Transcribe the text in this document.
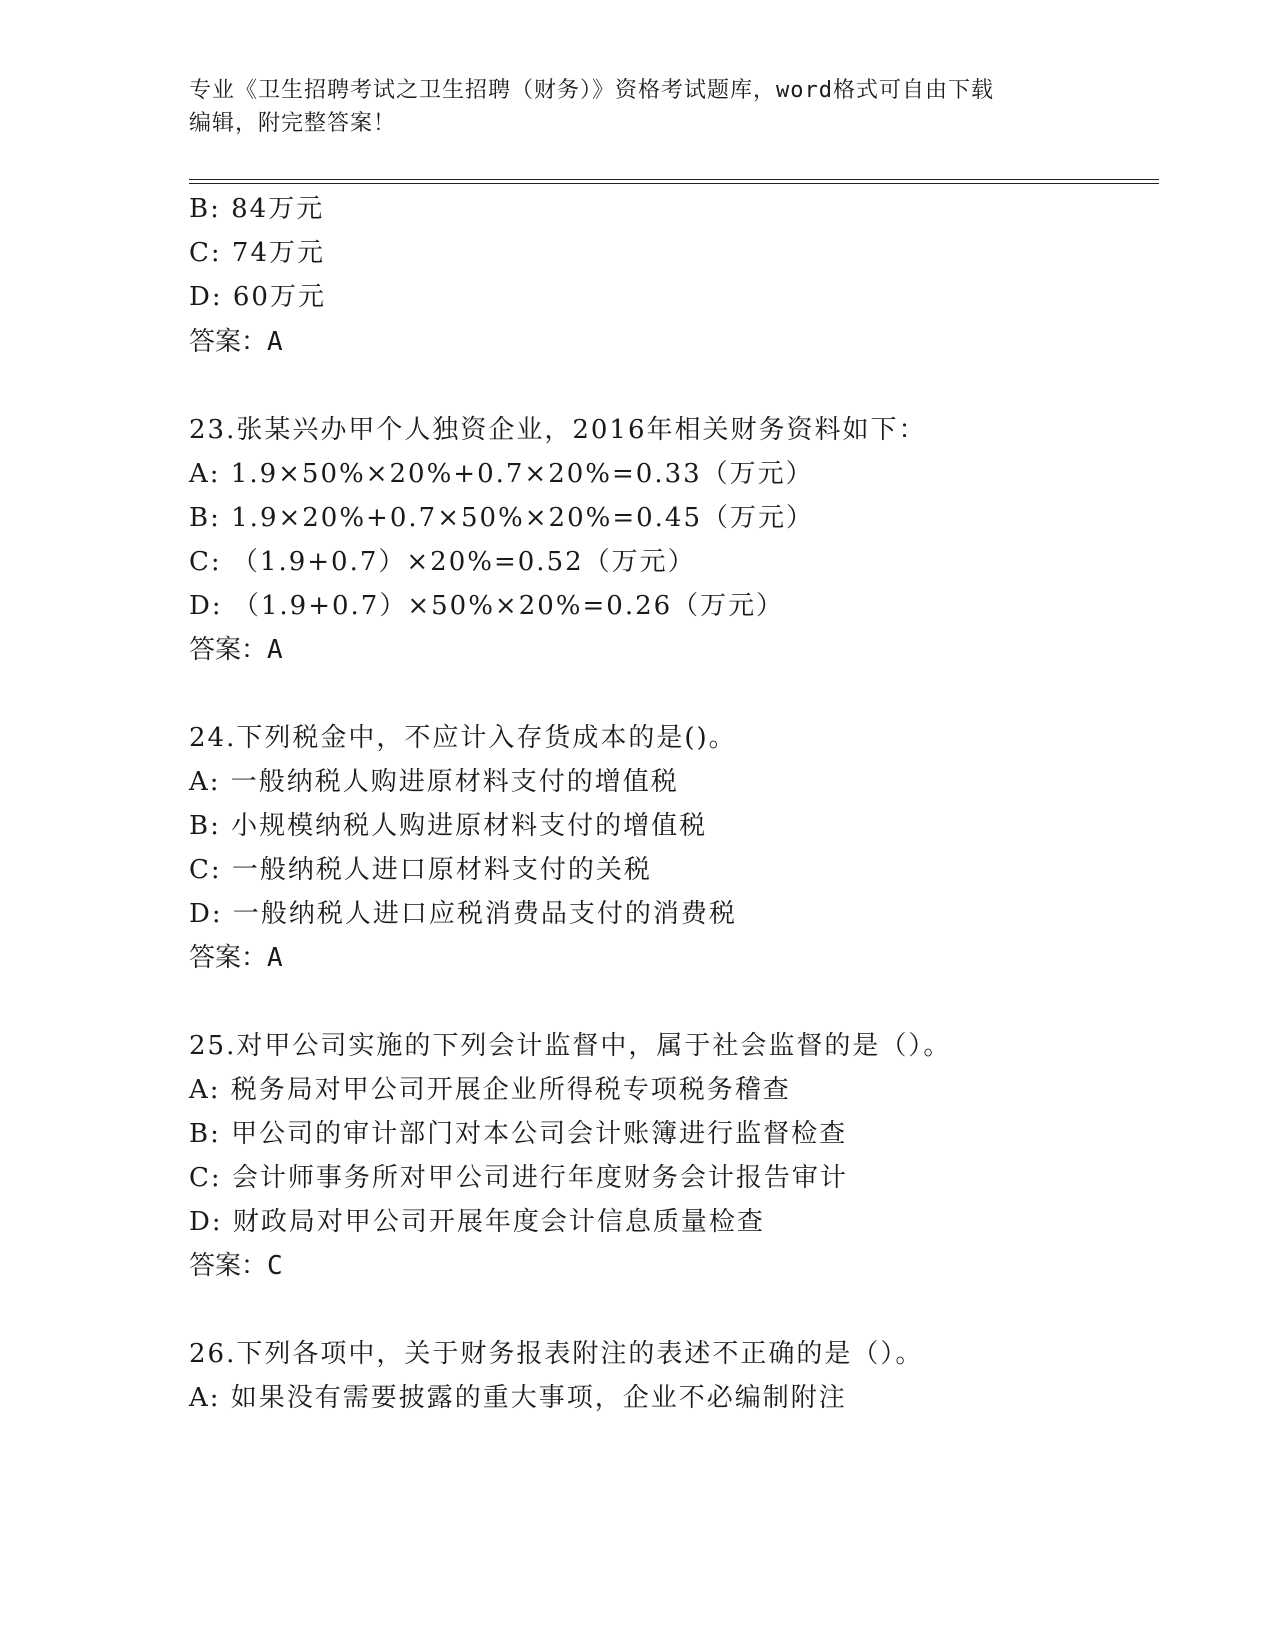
专业《卫生招聘考试之卫生招聘（财务）》资格考试题库，word格式可自由下载
编辑，附完整答案！
B: 84万元
C: 74万元
D: 60万元
答案：A
23.张某兴办甲个人独资企业，2016年相关财务资料如下：
A: 1.9×50%×20%+0.7×20%=0.33（万元）
B: 1.9×20%+0.7×50%×20%=0.45（万元）
C: （1.9+0.7）×20%=0.52（万元）
D: （1.9+0.7）×50%×20%=0.26（万元）
答案：A
24.下列税金中，不应计入存货成本的是()。
A: 一般纳税人购进原材料支付的增值税
B: 小规模纳税人购进原材料支付的增值税
C: 一般纳税人进口原材料支付的关税
D: 一般纳税人进口应税消费品支付的消费税
答案：A
25.对甲公司实施的下列会计监督中，属于社会监督的是（）。
A: 税务局对甲公司开展企业所得税专项税务稽查
B: 甲公司的审计部门对本公司会计账簿进行监督检查
C: 会计师事务所对甲公司进行年度财务会计报告审计
D: 财政局对甲公司开展年度会计信息质量检查
答案：C
26.下列各项中，关于财务报表附注的表述不正确的是（）。
A: 如果没有需要披露的重大事项，企业不必编制附注
